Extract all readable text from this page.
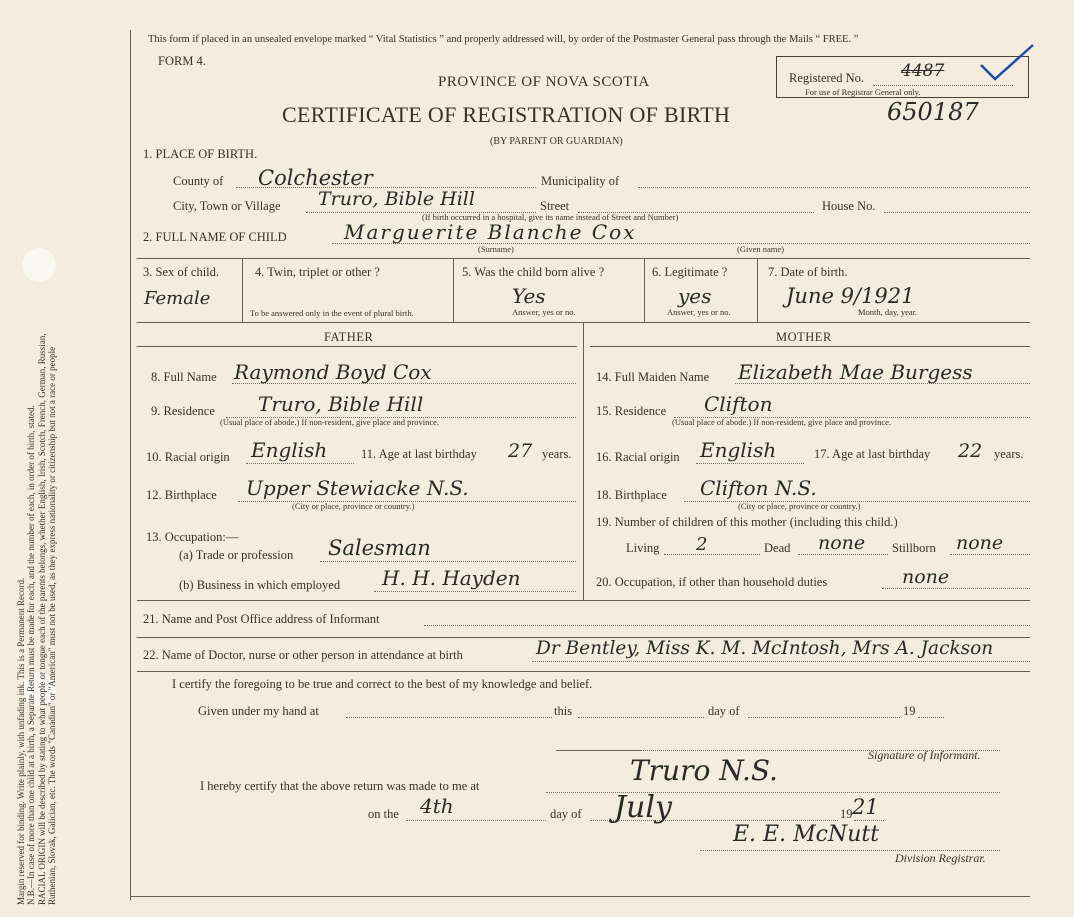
Margin reserved for binding. Write plainly, with unfading ink. This is a Permanent Record. N.B.—In case of more than one child at a birth, a Separate Return must be made for each, and the number of each, in order of birth, stated. RACIAL ORIGIN will be described by stating to what people or tongue each of the parents belongs, whether English, Irish, Scotch, French, German, Russian, Ruthenian, Slovak, Galician, etc. The words "Canadian" or "American" must not be used, as they express nationality or citizenship but not a race or people
This form if placed in an unsealed envelope marked “ Vital Statistics ” and properly addressed will, by order of the Postmaster General pass through the Mails “ FREE. ”
FORM 4.
PROVINCE OF NOVA SCOTIA
CERTIFICATE OF REGISTRATION OF BIRTH
(BY PARENT OR GUARDIAN)
Registered No. 4487
For use of Registrar General only.
650187
1. PLACE OF BIRTH.
County of Colchester	Municipality of
City, Town or Village Truro, Bible Hill	Street
(If birth occurred in a hospital, give its name instead of Street and Number)
House No.
2. FULL NAME OF CHILD	Marguerite Blanche Cox
(Surname)	(Given name)
3. Sex of child.
Female
4. Twin, triplet or other ?
To be answered only in the event of plural birth.
5. Was the child born alive ?
Yes
Answer, yes or no.
6. Legitimate ?
yes
Answer, yes or no.
7. Date of birth.
June 9/1921
Month, day, year.
FATHER	MOTHER
8. Full Name Raymond Boyd Cox
9. Residence Truro, Bible Hill
(Usual place of abode.) If non-resident, give place and province.
10. Racial origin English	11. Age at last birthday 27 years.
12. Birthplace Upper Stewiacke N.S.
(City or place, province or country.)
13. Occupation:—
(a) Trade or profession Salesman
(b) Business in which employed H. H. Hayden
14. Full Maiden Name Elizabeth Mae Burgess
15. Residence Clifton
(Usual place of abode.) If non-resident, give place and province.
16. Racial origin English	17. Age at last birthday 22 years.
18. Birthplace Clifton N.S.
(City or place, province or country.)
19. Number of children of this mother (including this child.)
Living 2	Dead none Stillborn none
20. Occupation, if other than household duties	none
21. Name and Post Office address of Informant
22. Name of Doctor, nurse or other person in attendance at birth	Dr Bentley, Miss K. M. McIntosh, Mrs A. Jackson
I certify the foregoing to be true and correct to the best of my knowledge and belief.
Given under my hand at	this	day of	19
Signature of Informant.
I hereby certify that the above return was made to me at	Truro N.S.
on the 4th	day of July	19 21
E. E. McNutt
Division Registrar.
